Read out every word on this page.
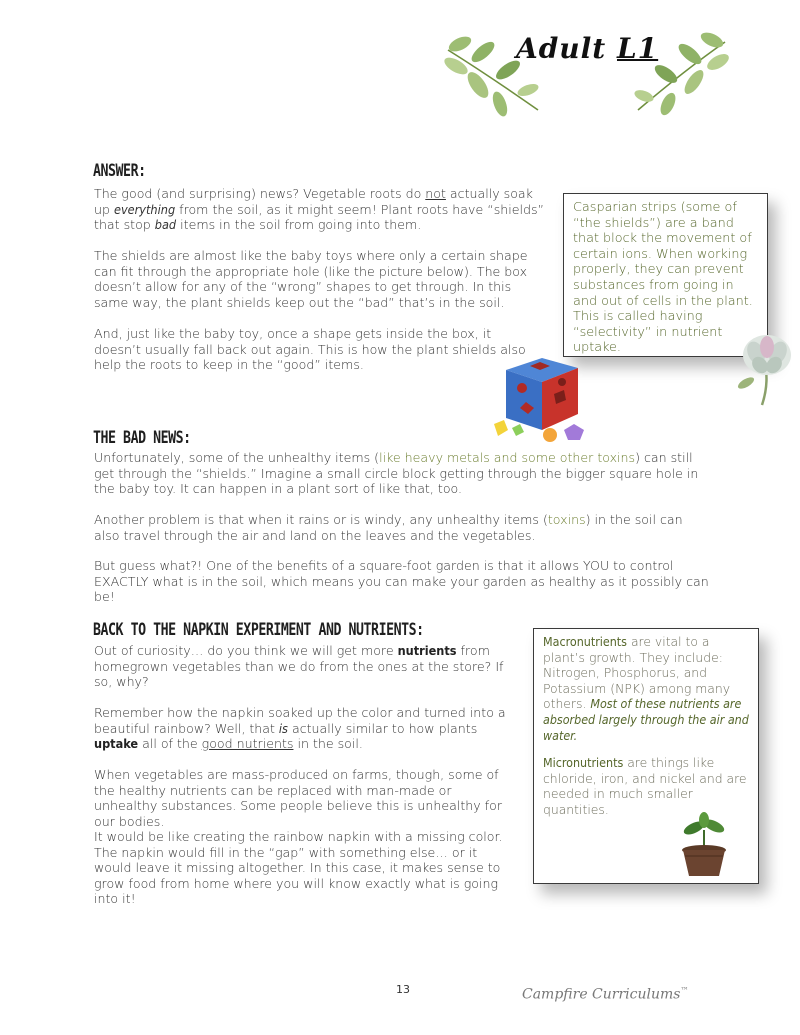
Adult L1
ANSWER:
The good (and surprising) news? Vegetable roots do not actually soak up everything from the soil, as it might seem! Plant roots have “shields” that stop bad items in the soil from going into them.
The shields are almost like the baby toys where only a certain shape can fit through the appropriate hole (like the picture below). The box doesn’t allow for any of the “wrong” shapes to get through. In this same way, the plant shields keep out the “bad” that’s in the soil.
And, just like the baby toy, once a shape gets inside the box, it doesn’t usually fall back out again. This is how the plant shields also help the roots to keep in the “good” items.

Casparian strips (some of “the shields”) are a band that block the movement of certain ions. When working properly, they can prevent substances from going in and out of cells in the plant. This is called having “selectivity” in nutrient uptake.

THE BAD NEWS:
Unfortunately, some of the unhealthy items (like heavy metals and some other toxins) can still get through the “shields.” Imagine a small circle block getting through the bigger square hole in the baby toy. It can happen in a plant sort of like that, too.
Another problem is that when it rains or is windy, any unhealthy items (toxins) in the soil can also travel through the air and land on the leaves and the vegetables.
But guess what?! One of the benefits of a square-foot garden is that it allows YOU to control EXACTLY what is in the soil, which means you can make your garden as healthy as it possibly can be!
BACK TO THE NAPKIN EXPERIMENT AND NUTRIENTS:
Out of curiosity… do you think we will get more nutrients from homegrown vegetables than we do from the ones at the store? If so, why?
Remember how the napkin soaked up the color and turned into a beautiful rainbow? Well, that is actually similar to how plants uptake all of the good nutrients in the soil.
When vegetables are mass-produced on farms, though, some of the healthy nutrients can be replaced with man-made or unhealthy substances. Some people believe this is unhealthy for our bodies.
It would be like creating the rainbow napkin with a missing color. The napkin would fill in the “gap” with something else… or it would leave it missing altogether. In this case, it makes sense to grow food from home where you will know exactly what is going into it!

Macronutrients are vital to a plant’s growth. They include: Nitrogen, Phosphorus, and Potassium (NPK) among many others. Most of these nutrients are absorbed largely through the air and water.

Micronutrients are things like chloride, iron, and nickel and are needed in much smaller quantities.

13	Campfire Curriculums™
